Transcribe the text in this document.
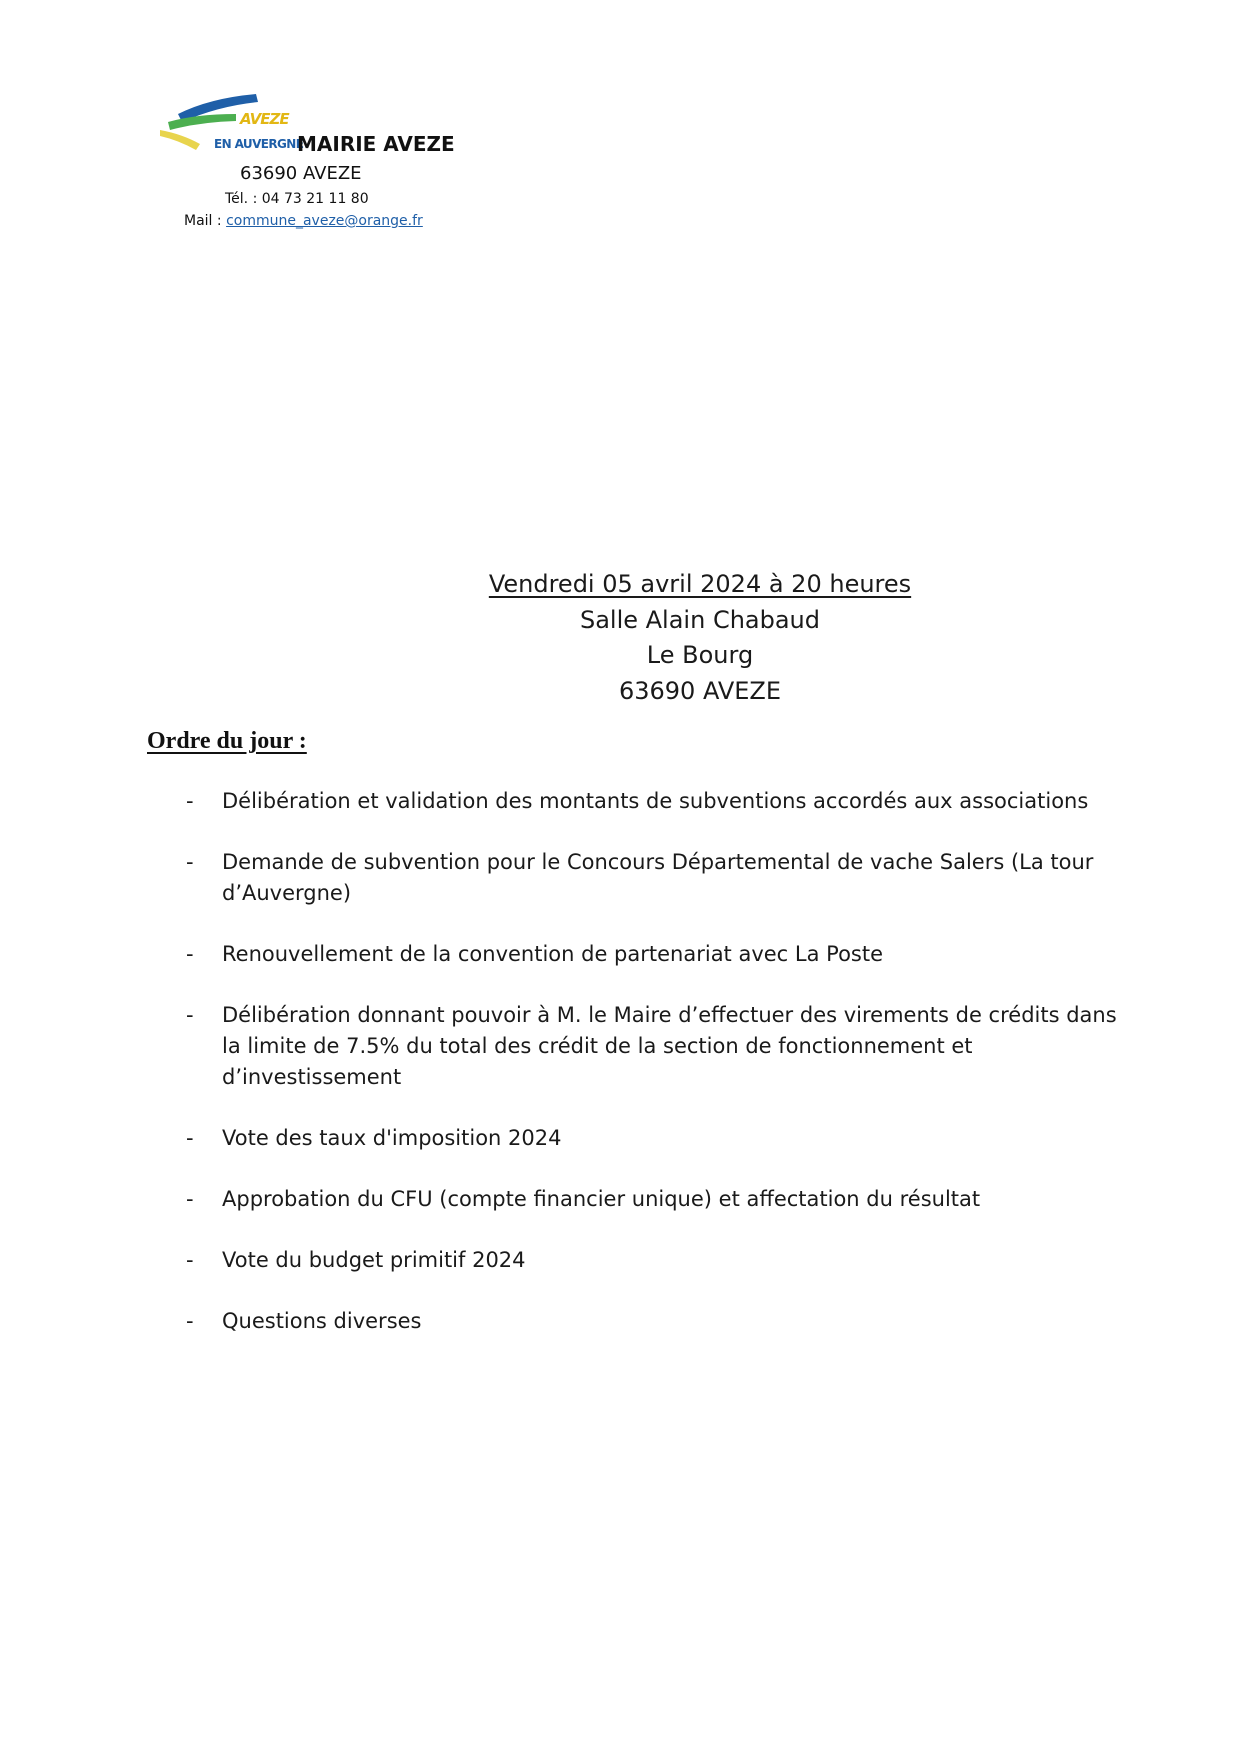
AVEZE
EN AUVERGNE
MAIRIE AVEZE
63690 AVEZE
Tél. : 04 73 21 11 80
Mail : commune_aveze@orange.fr
Vendredi 05 avril 2024 à 20 heures
Salle Alain Chabaud
Le Bourg
63690 AVEZE
Ordre du jour :
- Délibération et validation des montants de subventions accordés aux associations
- Demande de subvention pour le Concours Départemental de vache Salers (La tour d’Auvergne)
- Renouvellement de la convention de partenariat avec La Poste
- Délibération donnant pouvoir à M. le Maire d’effectuer des virements de crédits dans la limite de 7.5% du total des crédit de la section de fonctionnement et d’investissement
- Vote des taux d'imposition 2024
- Approbation du CFU (compte financier unique) et affectation du résultat
- Vote du budget primitif 2024
- Questions diverses
